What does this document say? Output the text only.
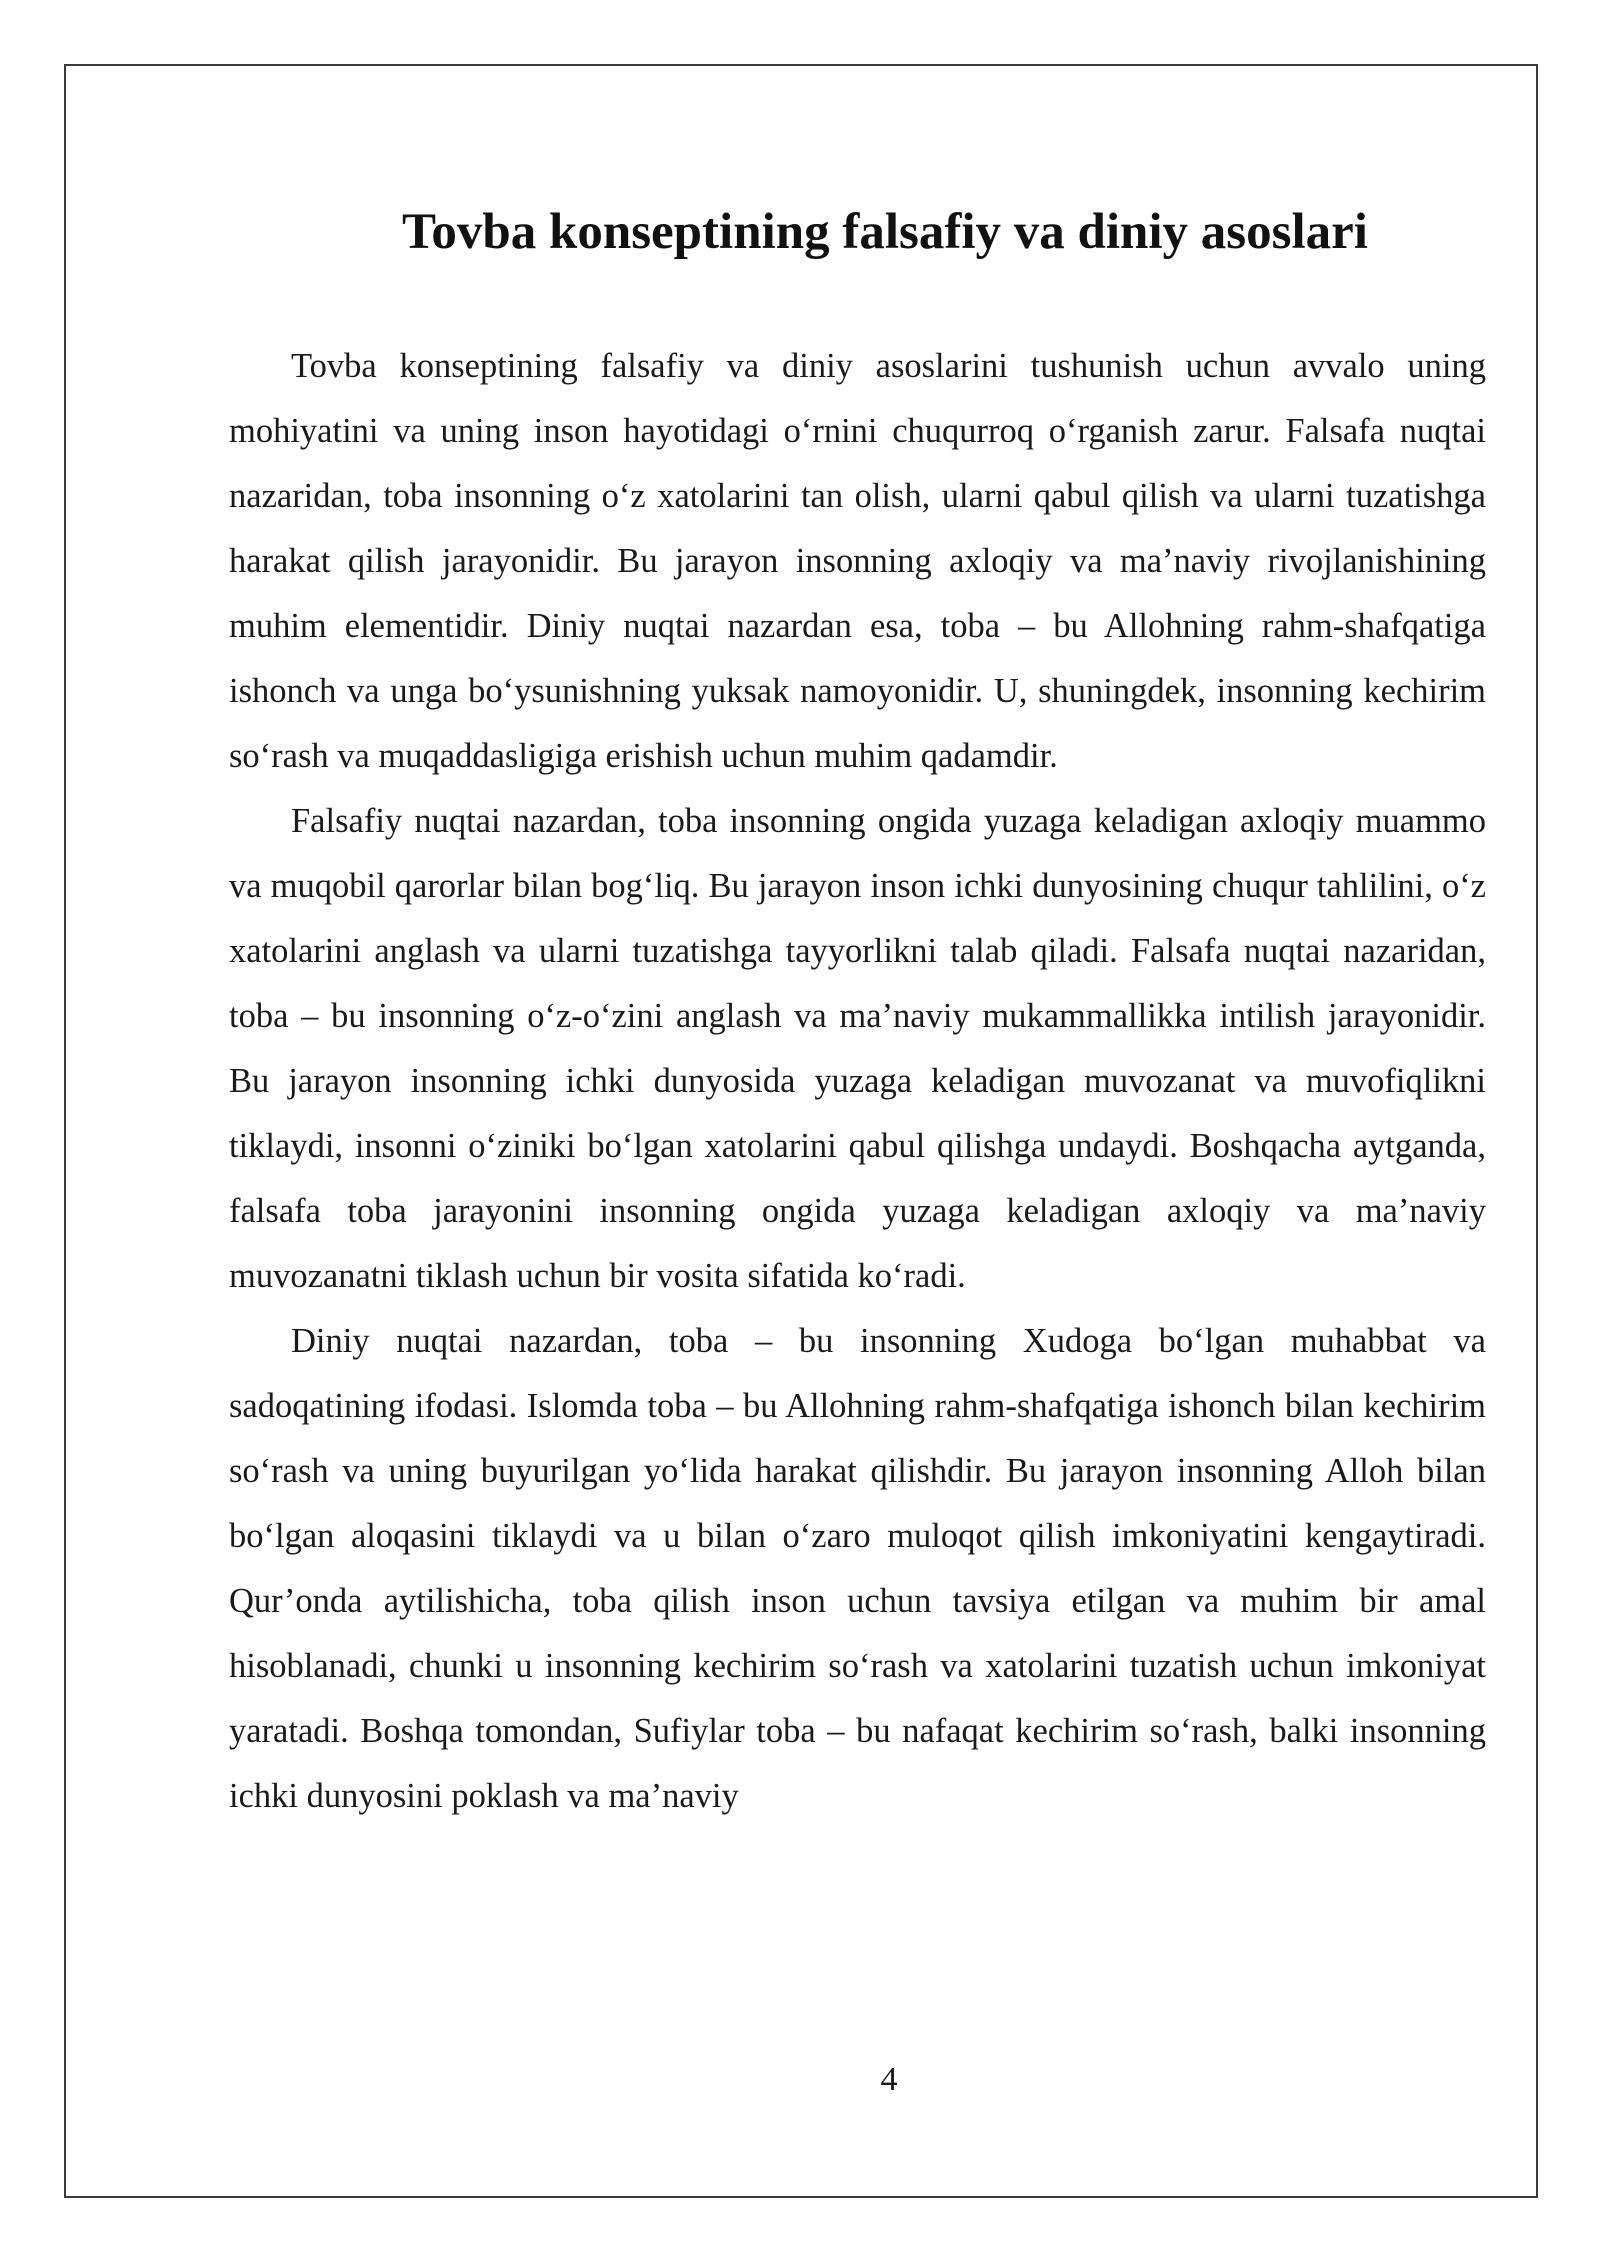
Tovba konseptining falsafiy va diniy asoslari

Tovba konseptining falsafiy va diniy asoslarini tushunish uchun avvalo uning mohiyatini va uning inson hayotidagi o‘rnini chuqurroq o‘rganish zarur. Falsafa nuqtai nazaridan, toba insonning o‘z xatolarini tan olish, ularni qabul qilish va ularni tuzatishga harakat qilish jarayonidir. Bu jarayon insonning axloqiy va ma’naviy rivojlanishining muhim elementidir. Diniy nuqtai nazardan esa, toba – bu Allohning rahm-shafqatiga ishonch va unga bo‘ysunishning yuksak namoyonidir. U, shuningdek, insonning kechirim so‘rash va muqaddasligiga erishish uchun muhim qadamdir.

Falsafiy nuqtai nazardan, toba insonning ongida yuzaga keladigan axloqiy muammo va muqobil qarorlar bilan bog‘liq. Bu jarayon inson ichki dunyosining chuqur tahlilini, o‘z xatolarini anglash va ularni tuzatishga tayyorlikni talab qiladi. Falsafa nuqtai nazaridan, toba – bu insonning o‘z-o‘zini anglash va ma’naviy mukammallikka intilish jarayonidir. Bu jarayon insonning ichki dunyosida yuzaga keladigan muvozanat va muvofiqlikni tiklaydi, insonni o‘ziniki bo‘lgan xatolarini qabul qilishga undaydi. Boshqacha aytganda, falsafa toba jarayonini insonning ongida yuzaga keladigan axloqiy va ma’naviy muvozanatni tiklash uchun bir vosita sifatida ko‘radi.

Diniy nuqtai nazardan, toba – bu insonning Xudoga bo‘lgan muhabbat va sadoqatining ifodasi. Islomda toba – bu Allohning rahm-shafqatiga ishonch bilan kechirim so‘rash va uning buyurilgan yo‘lida harakat qilishdir. Bu jarayon insonning Alloh bilan bo‘lgan aloqasini tiklaydi va u bilan o‘zaro muloqot qilish imkoniyatini kengaytiradi. Qur’onda aytilishicha, toba qilish inson uchun tavsiya etilgan va muhim bir amal hisoblanadi, chunki u insonning kechirim so‘rash va xatolarini tuzatish uchun imkoniyat yaratadi. Boshqa tomondan, Sufiylar toba – bu nafaqat kechirim so‘rash, balki insonning ichki dunyosini poklash va ma’naviy

4
